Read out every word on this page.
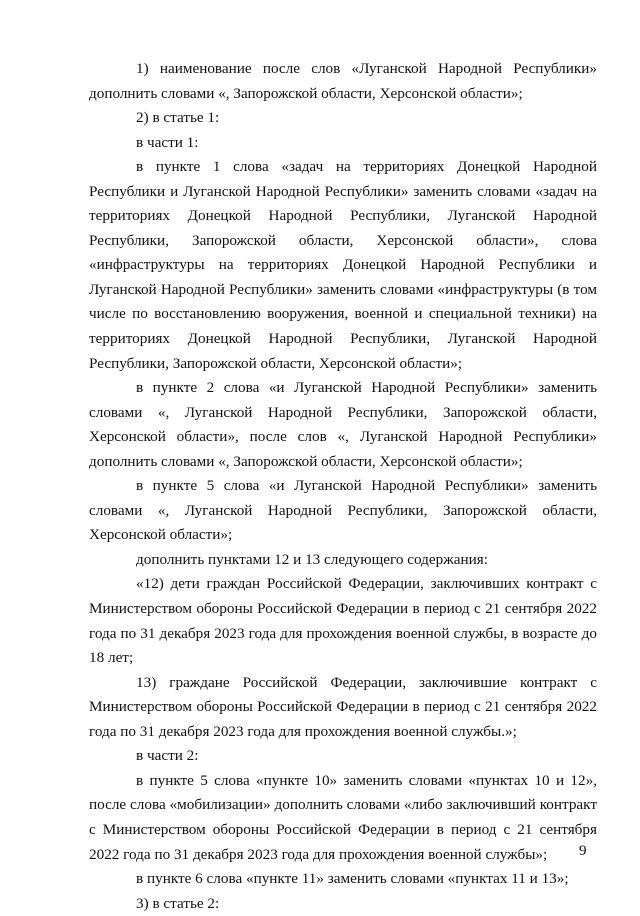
1) наименование после слов «Луганской Народной Республики» дополнить словами «, Запорожской области, Херсонской области»;

2) в статье 1:

в части 1:

в пункте 1 слова «задач на территориях Донецкой Народной Республики и Луганской Народной Республики» заменить словами «задач на территориях Донецкой Народной Республики, Луганской Народной Республики, Запорожской области, Херсонской области», слова «инфраструктуры на территориях Донецкой Народной Республики и Луганской Народной Республики» заменить словами «инфраструктуры (в том числе по восстановлению вооружения, военной и специальной техники) на территориях Донецкой Народной Республики, Луганской Народной Республики, Запорожской области, Херсонской области»;

в пункте 2 слова «и Луганской Народной Республики» заменить словами «, Луганской Народной Республики, Запорожской области, Херсонской области», после слов «, Луганской Народной Республики» дополнить словами «, Запорожской области, Херсонской области»;

в пункте 5 слова «и Луганской Народной Республики» заменить словами «, Луганской Народной Республики, Запорожской области, Херсонской области»;

дополнить пунктами 12 и 13 следующего содержания:

«12) дети граждан Российской Федерации, заключивших контракт с Министерством обороны Российской Федерации в период с 21 сентября 2022 года по 31 декабря 2023 года для прохождения военной службы, в возрасте до 18 лет;

13) граждане Российской Федерации, заключившие контракт с Министерством обороны Российской Федерации в период с 21 сентября 2022 года по 31 декабря 2023 года для прохождения военной службы.»;

в части 2:

в пункте 5 слова «пункте 10» заменить словами «пунктах 10 и 12», после слова «мобилизации» дополнить словами «либо заключивший контракт с Министерством обороны Российской Федерации в период с 21 сентября 2022 года по 31 декабря 2023 года для прохождения военной службы»;

в пункте 6 слова «пункте 11» заменить словами «пунктах 11 и 13»;

3) в статье 2:

9
